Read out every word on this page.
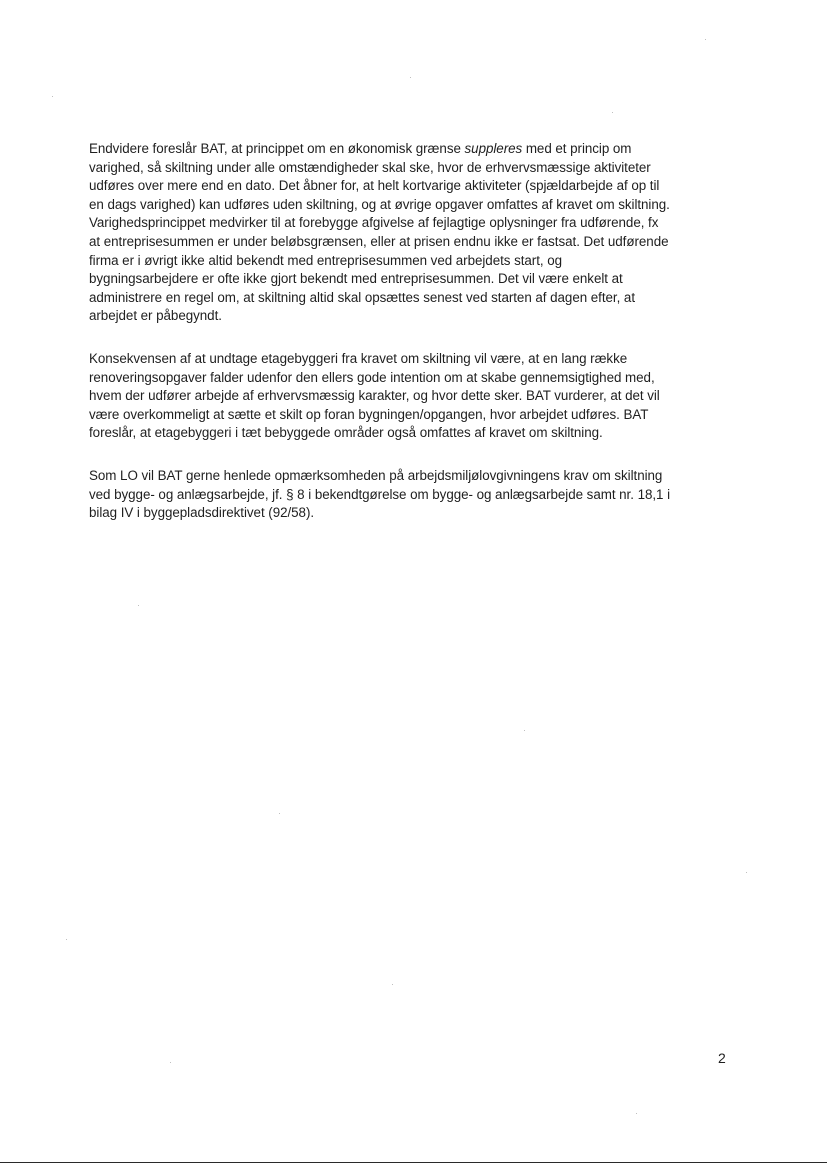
Endvidere foreslår BAT, at princippet om en økonomisk grænse suppleres med et princip om
varighed, så skiltning under alle omstændigheder skal ske, hvor de erhvervsmæssige aktiviteter
udføres over mere end en dato. Det åbner for, at helt kortvarige aktiviteter (spjældarbejde af op til
en dags varighed) kan udføres uden skiltning, og at øvrige opgaver omfattes af kravet om skiltning.
Varighedsprincippet medvirker til at forebygge afgivelse af fejlagtige oplysninger fra udførende, fx
at entreprisesummen er under beløbsgrænsen, eller at prisen endnu ikke er fastsat. Det udførende
firma er i øvrigt ikke altid bekendt med entreprisesummen ved arbejdets start, og
bygningsarbejdere er ofte ikke gjort bekendt med entreprisesummen. Det vil være enkelt at
administrere en regel om, at skiltning altid skal opsættes senest ved starten af dagen efter, at
arbejdet er påbegyndt.

Konsekvensen af at undtage etagebyggeri fra kravet om skiltning vil være, at en lang række
renoveringsopgaver falder udenfor den ellers gode intention om at skabe gennemsigtighed med,
hvem der udfører arbejde af erhvervsmæssig karakter, og hvor dette sker. BAT vurderer, at det vil
være overkommeligt at sætte et skilt op foran bygningen/opgangen, hvor arbejdet udføres. BAT
foreslår, at etagebyggeri i tæt bebyggede områder også omfattes af kravet om skiltning.

Som LO vil BAT gerne henlede opmærksomheden på arbejdsmiljølovgivningens krav om skiltning
ved bygge- og anlægsarbejde, jf. § 8 i bekendtgørelse om bygge- og anlægsarbejde samt nr. 18,1 i
bilag IV i byggepladsdirektivet (92/58).

2
